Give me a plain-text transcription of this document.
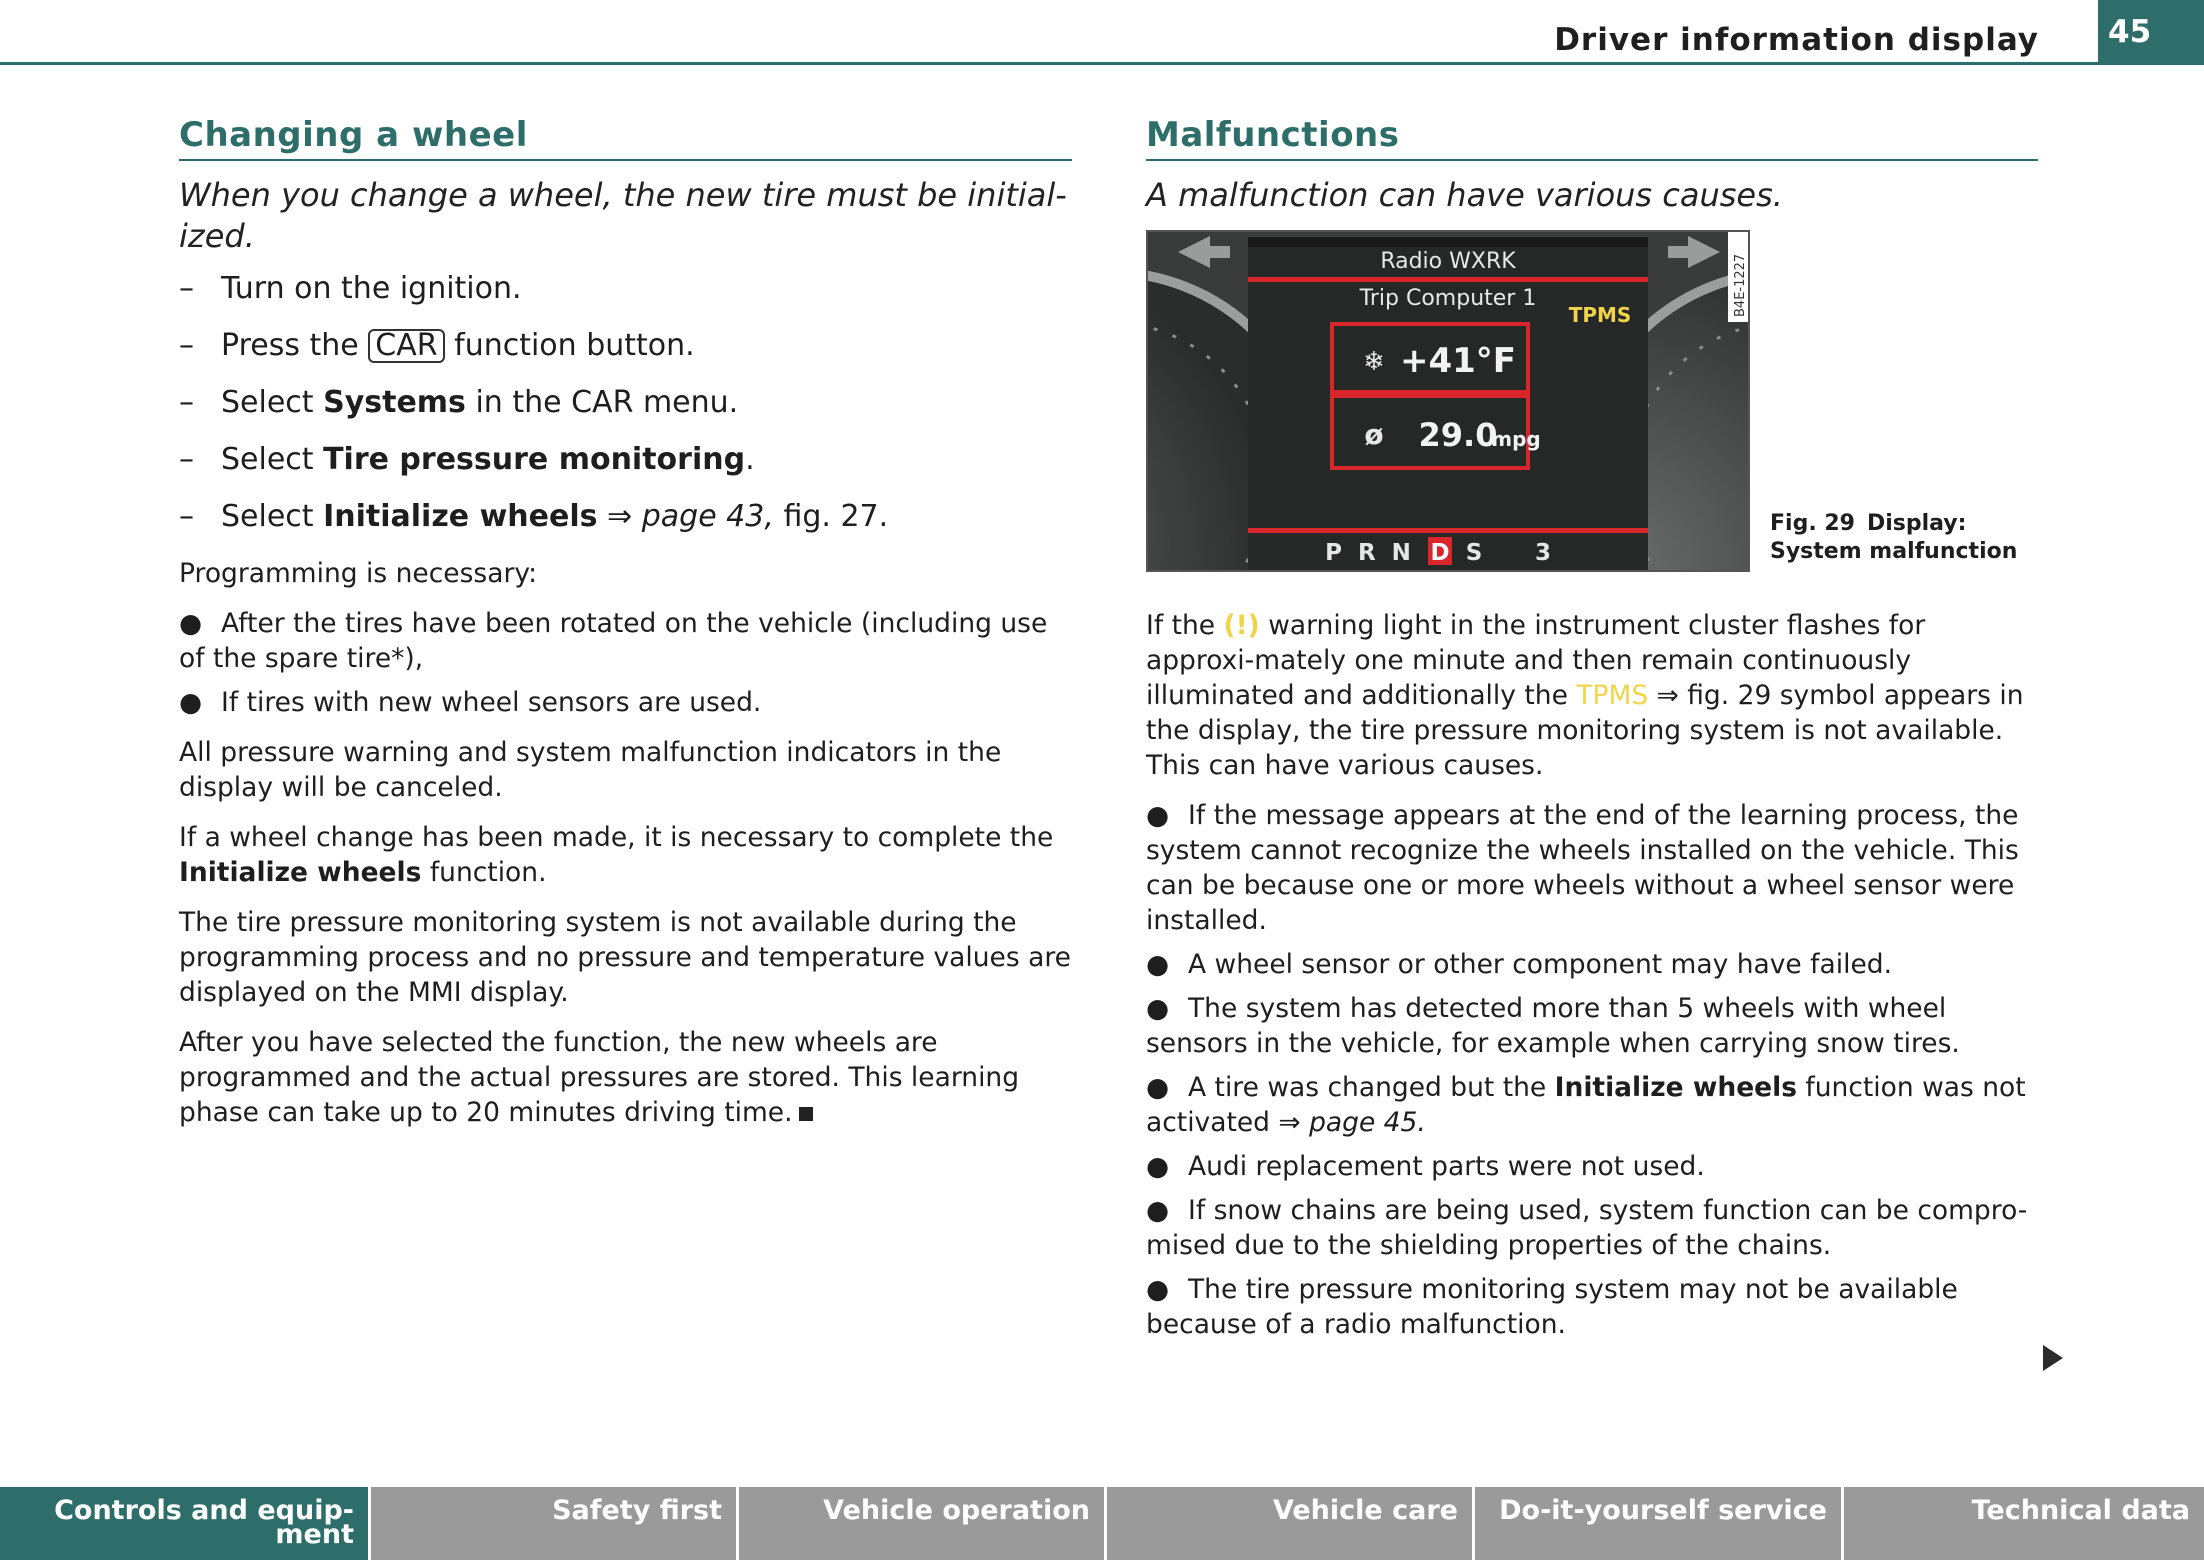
Driver information display	45
Changing a wheel

When you change a wheel, the new tire must be initial-ized.

– Turn on the ignition.
– Press the CAR function button.
– Select Systems in the CAR menu.
– Select Tire pressure monitoring.
– Select Initialize wheels ⇒ page 43, fig. 27.

Programming is necessary:

● After the tires have been rotated on the vehicle (including use of the spare tire*),
● If tires with new wheel sensors are used.

All pressure warning and system malfunction indicators in the display will be canceled.

If a wheel change has been made, it is necessary to complete the Initialize wheels function.

The tire pressure monitoring system is not available during the programming process and no pressure and temperature values are displayed on the MMI display.

After you have selected the function, the new wheels are programmed and the actual pressures are stored. This learning phase can take up to 20 minutes driving time.

Malfunctions

A malfunction can have various causes.

Radio WXRK
Trip Computer 1
TPMS
❄ +41°F
ø 29.0
mpg
P R N D S 3
B4E-1227
Fig. 29 Display:
System malfunction

If the (!) warning light in the instrument cluster flashes for approxi-mately one minute and then remain continuously illuminated and additionally the TPMS ⇒ fig. 29 symbol appears in the display, the tire pressure monitoring system is not available. This can have various causes.

● If the message appears at the end of the learning process, the system cannot recognize the wheels installed on the vehicle. This can be because one or more wheels without a wheel sensor were installed.
● A wheel sensor or other component may have failed.
● The system has detected more than 5 wheels with wheel sensors in the vehicle, for example when carrying snow tires.
● A tire was changed but the Initialize wheels function was not activated ⇒ page 45.
● Audi replacement parts were not used.
● If snow chains are being used, system function can be compro-mised due to the shielding properties of the chains.
● The tire pressure monitoring system may not be available because of a radio malfunction.
Controls and equip-
ment
Safety first	Vehicle operation	Vehicle care	Do-it-yourself service	Technical data
